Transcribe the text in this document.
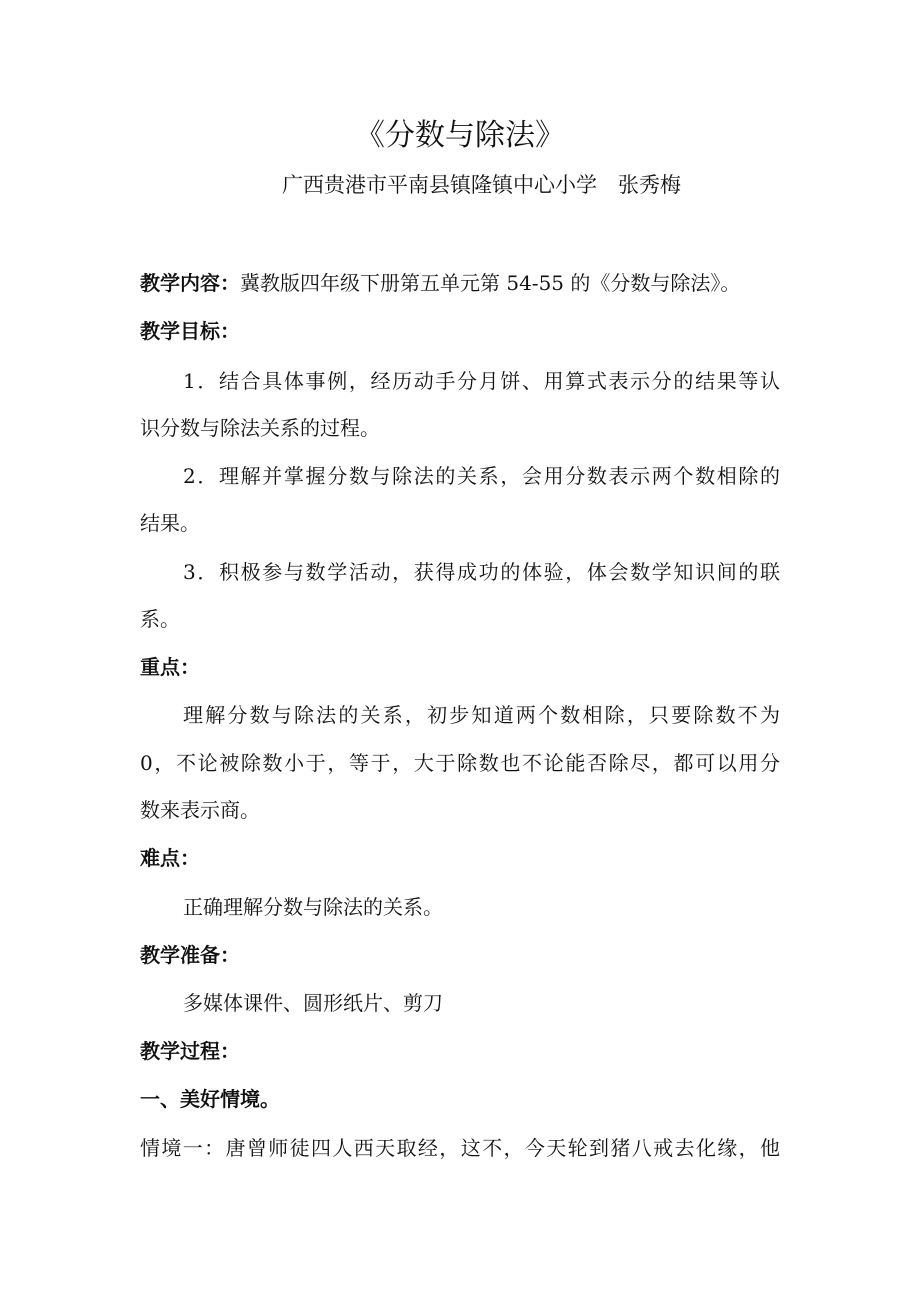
《分数与除法》
广西贵港市平南县镇隆镇中心小学　张秀梅
教学内容：冀教版四年级下册第五单元第 54-55 的《分数与除法》。
教学目标：
1．结合具体事例，经历动手分月饼、用算式表示分的结果等认
识分数与除法关系的过程。
2．理解并掌握分数与除法的关系，会用分数表示两个数相除的
结果。
3．积极参与数学活动，获得成功的体验，体会数学知识间的联
系。
重点：
理解分数与除法的关系，初步知道两个数相除，只要除数不为
0，不论被除数小于，等于，大于除数也不论能否除尽，都可以用分
数来表示商。
难点：
正确理解分数与除法的关系。
教学准备：
多媒体课件、圆形纸片、剪刀
教学过程：
一、美好情境。
情境一：唐曾师徒四人西天取经，这不，今天轮到猪八戒去化缘，他
